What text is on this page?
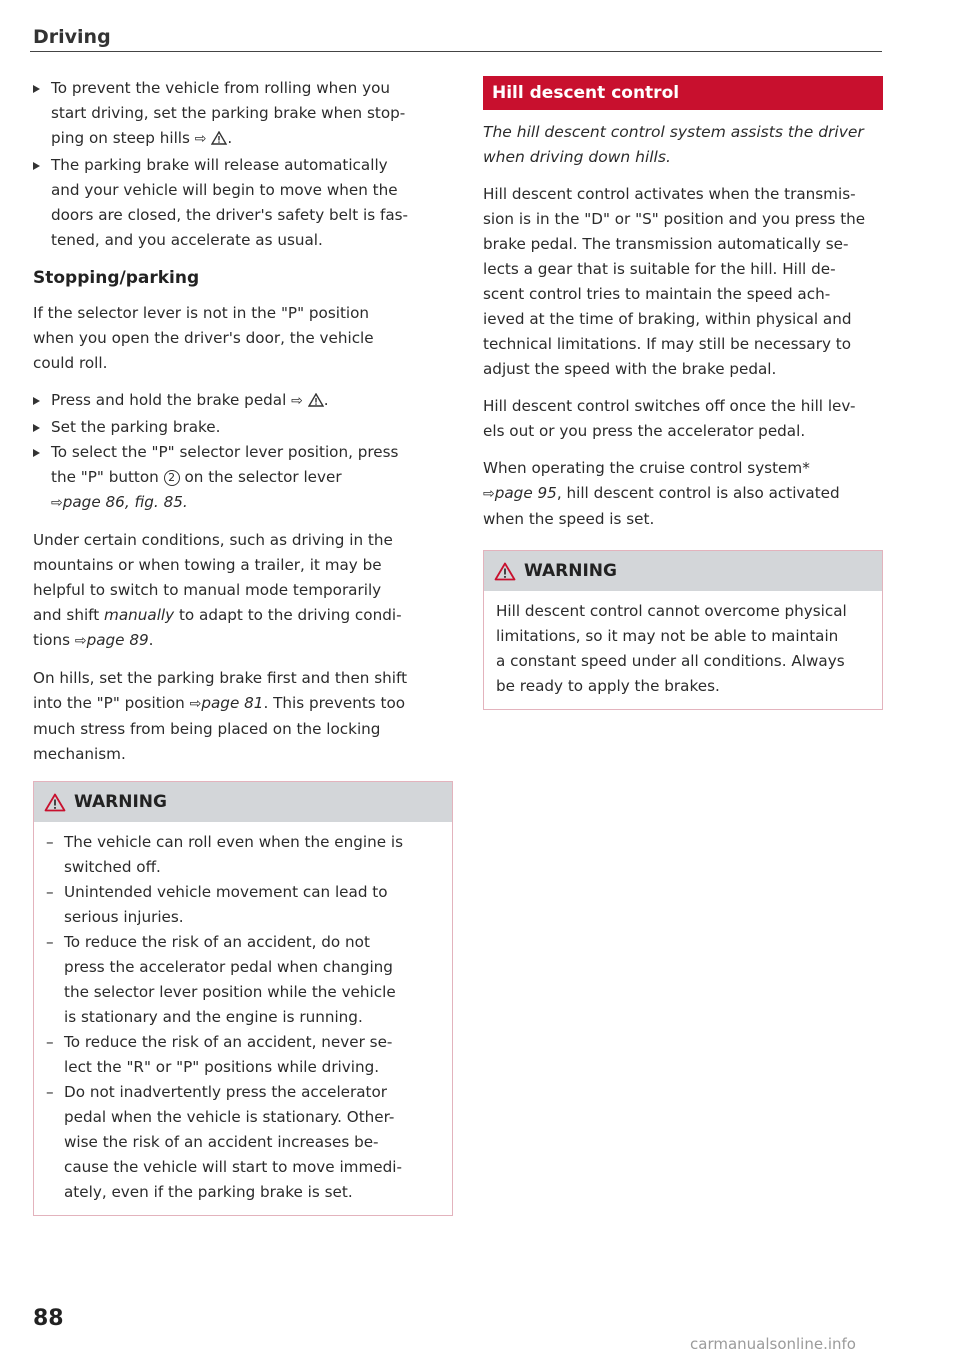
Driving
To prevent the vehicle from rolling when you
start driving, set the parking brake when stop-
ping on steep hills ⇨ .
The parking brake will release automatically
and your vehicle will begin to move when the
doors are closed, the driver's safety belt is fas-
tened, and you accelerate as usual.
Stopping/parking
If the selector lever is not in the "P" position
when you open the driver's door, the vehicle
could roll.
Press and hold the brake pedal ⇨ .
Set the parking brake.
To select the "P" selector lever position, press
the "P" button 2 on the selector lever
⇨page 86, fig. 85.
Under certain conditions, such as driving in the
mountains or when towing a trailer, it may be
helpful to switch to manual mode temporarily
and shift manually to adapt to the driving condi-
tions ⇨page 89.
On hills, set the parking brake first and then shift
into the "P" position ⇨page 81. This prevents too
much stress from being placed on the locking
mechanism.
WARNING
– The vehicle can roll even when the engine is
switched off.
– Unintended vehicle movement can lead to
serious injuries.
– To reduce the risk of an accident, do not
press the accelerator pedal when changing
the selector lever position while the vehicle
is stationary and the engine is running.
– To reduce the risk of an accident, never se-
lect the "R" or "P" positions while driving.
– Do not inadvertently press the accelerator
pedal when the vehicle is stationary. Other-
wise the risk of an accident increases be-
cause the vehicle will start to move immedi-
ately, even if the parking brake is set.
Hill descent control
The hill descent control system assists the driver
when driving down hills.
Hill descent control activates when the transmis-
sion is in the "D" or "S" position and you press the
brake pedal. The transmission automatically se-
lects a gear that is suitable for the hill. Hill de-
scent control tries to maintain the speed ach-
ieved at the time of braking, within physical and
technical limitations. If may still be necessary to
adjust the speed with the brake pedal.
Hill descent control switches off once the hill lev-
els out or you press the accelerator pedal.
When operating the cruise control system*
⇨page 95, hill descent control is also activated
when the speed is set.
WARNING
Hill descent control cannot overcome physical
limitations, so it may not be able to maintain
a constant speed under all conditions. Always
be ready to apply the brakes.
88
carmanualsonline.info
